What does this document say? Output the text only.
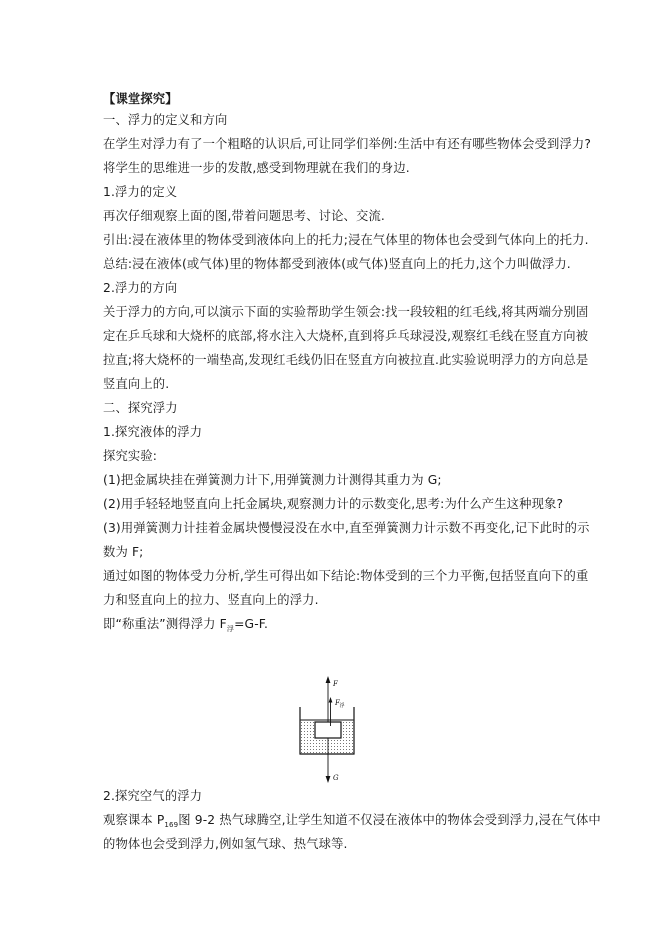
【课堂探究】

一、浮力的定义和方向

在学生对浮力有了一个粗略的认识后,可让同学们举例:生活中有还有哪些物体会受到浮力?

将学生的思维进一步的发散,感受到物理就在我们的身边.

1.浮力的定义

再次仔细观察上面的图,带着问题思考、讨论、交流.

引出:浸在液体里的物体受到液体向上的托力;浸在气体里的物体也会受到气体向上的托力.

总结:浸在液体(或气体)里的物体都受到液体(或气体)竖直向上的托力,这个力叫做浮力.

2.浮力的方向

关于浮力的方向,可以演示下面的实验帮助学生领会:找一段较粗的红毛线,将其两端分别固

定在乒乓球和大烧杯的底部,将水注入大烧杯,直到将乒乓球浸没,观察红毛线在竖直方向被

拉直;将大烧杯的一端垫高,发现红毛线仍旧在竖直方向被拉直.此实验说明浮力的方向总是

竖直向上的.

二、探究浮力

1.探究液体的浮力

探究实验:

(1)把金属块挂在弹簧测力计下,用弹簧测力计测得其重力为 G;

(2)用手轻轻地竖直向上托金属块,观察测力计的示数变化,思考:为什么产生这种现象?

(3)用弹簧测力计挂着金属块慢慢浸没在水中,直至弹簧测力计示数不再变化,记下此时的示

数为 F;

通过如图的物体受力分析,学生可得出如下结论:物体受到的三个力平衡,包括竖直向下的重

力和竖直向上的拉力、竖直向上的浮力.

即“称重法”测得浮力 $F_浮=G-F$.

F
F 浮
G

2.探究空气的浮力

观察课本 $P_{169}$图 9-2 热气球腾空,让学生知道不仅浸在液体中的物体会受到浮力,浸在气体中

的物体也会受到浮力,例如氢气球、热气球等.
